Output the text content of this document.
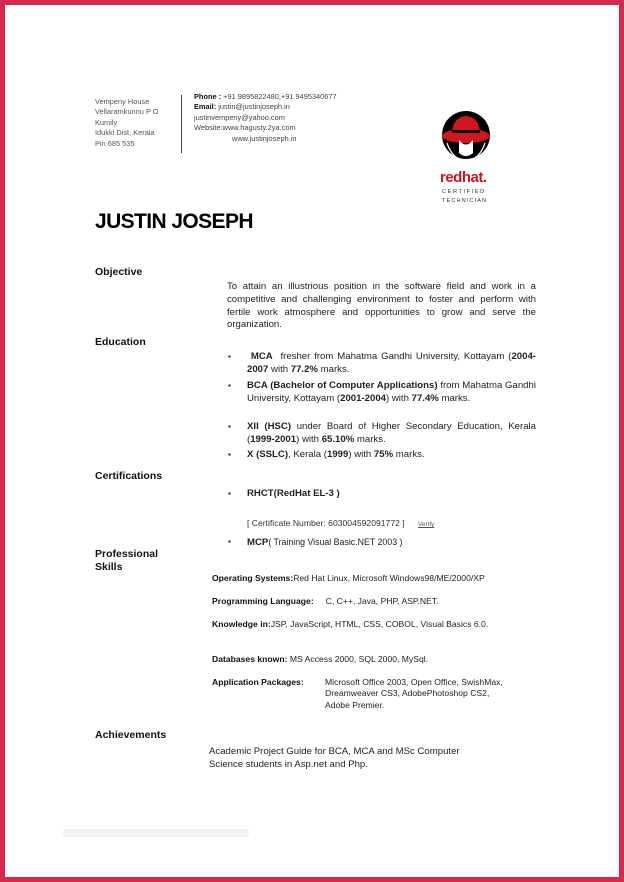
Vempeny House
Vellaramkunnu P O
Kumily
Idukki Dist, Kerala
Pin 685 535
Phone : +91 9895822480,+91 9495340677
Email: justin@justinjoseph.in
justinvempeny@yahoo.com
Website:www.hagusty.2ya.com
www.justinjoseph.in
redhat.
CERTIFIED
TECHNICIAN
JUSTIN JOSEPH
Objective
To attain an illustrious position in the software field and work in a competitive and challenging environment to foster and perform with fertile work atmosphere and opportunities to grow and serve the organization.
Education
▪ MCA  fresher from Mahatma Gandhi University, Kottayam (2004-2007 with 77.2% marks.
▪ BCA (Bachelor of Computer Applications) from Mahatma Gandhi University, Kottayam (2001-2004) with 77.4% marks.
▪ XII (HSC) under Board of Higher Secondary Education, Kerala (1999-2001) with 65.10% marks.
▪ X (SSLC), Kerala (1999) with 75% marks.
Certifications
▪ RHCT(RedHat EL-3 )
[ Certificate Number: 603004592091772 ] Verify
▪ MCP( Training Visual Basic.NET 2003 )
Professional
Skills
Operating Systems:Red Hat Linux, Microsoft Windows98/ME/2000/XP
Programming Language: C, C++, Java, PHP, ASP.NET.
Knowledge in:JSP, JavaScript, HTML, CSS, COBOL, Visual Basics 6.0.
Databases known: MS Access 2000, SQL 2000, MySql.
Application Packages: Microsoft Office 2003, Open Office, SwishMax,
Dreamweaver CS3, AdobePhotoshop CS2,
Adobe Premier.
Achievements
Academic Project Guide for BCA, MCA and MSc Computer
Science students in Asp.net and Php.
